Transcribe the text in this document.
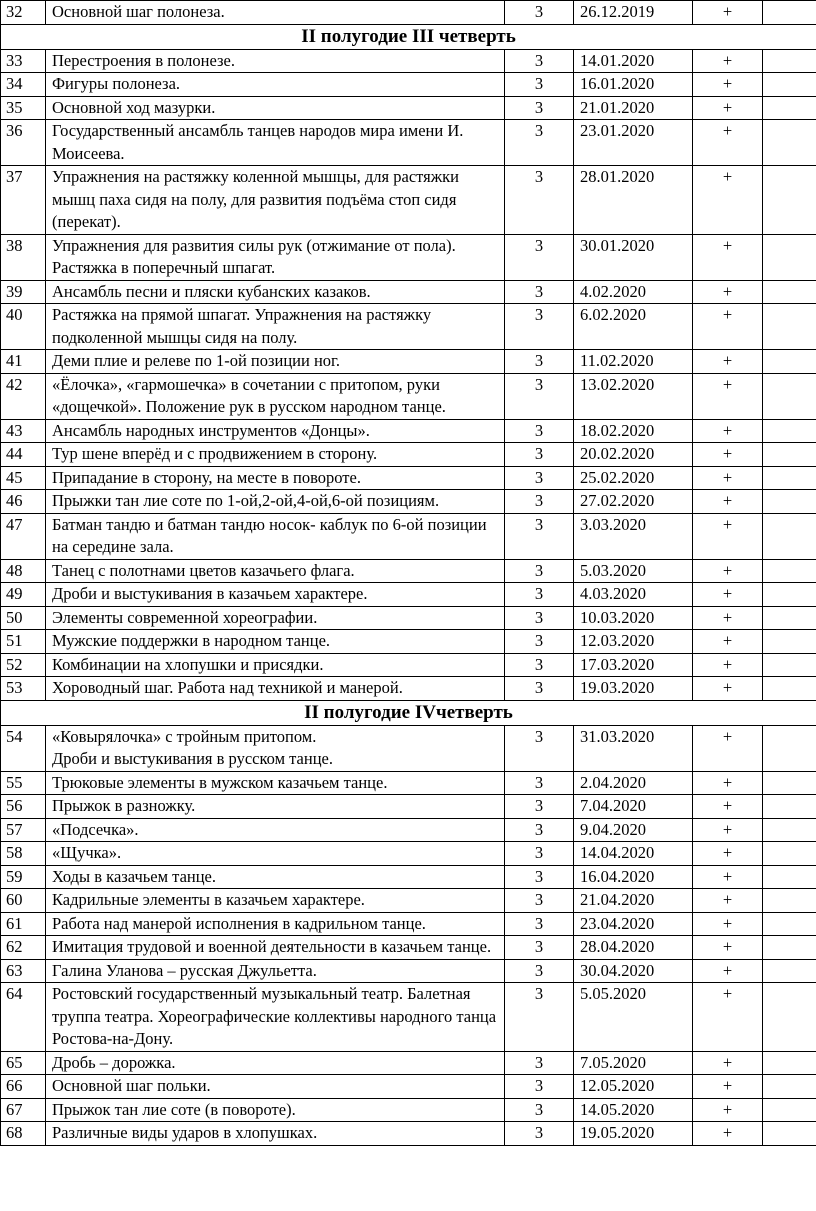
32	Основной шаг полонеза.	3	26.12.2019	+	
II полугодие III четверть					
33	Перестроения в полонезе.	3	14.01.2020	+	
34	Фигуры полонеза.	3	16.01.2020	+	
35	Основной ход мазурки.	3	21.01.2020	+	
36	Государственный ансамбль танцев народов мира имени И. Моисеева.	3	23.01.2020	+	
37	Упражнения на растяжку коленной мышцы, для растяжки мышц паха сидя на полу, для развития подъёма стоп сидя (перекат).	3	28.01.2020	+	
38	Упражнения для развития силы рук (отжимание от пола). Растяжка в поперечный шпагат.	3	30.01.2020	+	
39	Ансамбль песни и пляски кубанских казаков.	3	4.02.2020	+	
40	Растяжка на прямой шпагат. Упражнения на растяжку подколенной мышцы сидя на полу.	3	6.02.2020	+	
41	Деми плие и релеве по 1-ой позиции ног.	3	11.02.2020	+	
42	«Ёлочка», «гармошечка» в сочетании с притопом, руки «дощечкой». Положение рук в русском народном танце.	3	13.02.2020	+	
43	Ансамбль народных инструментов «Донцы».	3	18.02.2020	+	
44	Тур шене вперёд и с продвижением в сторону.	3	20.02.2020	+	
45	Припадание в сторону, на месте в повороте.	3	25.02.2020	+	
46	Прыжки тан лие соте по 1-ой,2-ой,4-ой,6-ой позициям.	3	27.02.2020	+	
47	Батман тандю и батман тандю носок- каблук по 6-ой позиции на середине зала.	3	3.03.2020	+	
48	Танец с полотнами цветов казачьего флага.	3	5.03.2020	+	
49	Дроби и выстукивания в казачьем характере.	3	4.03.2020	+	
50	Элементы современной хореографии.	3	10.03.2020	+	
51	Мужские поддержки в народном танце.	3	12.03.2020	+	
52	Комбинации на хлопушки и присядки.	3	17.03.2020	+	
53	Хороводный шаг. Работа над техникой и манерой.	3	19.03.2020	+	
II полугодие IVчетверть					
54	«Ковырялочка» с тройным притопом.
Дроби и выстукивания в русском танце.	3	31.03.2020	+	
55	Трюковые элементы в мужском казачьем танце.	3	2.04.2020	+	
56	Прыжок в разножку.	3	7.04.2020	+	
57	«Подсечка».	3	9.04.2020	+	
58	«Щучка».	3	14.04.2020	+	
59	Ходы в казачьем танце.	3	16.04.2020	+	
60	Кадрильные элементы в казачьем характере.	3	21.04.2020	+	
61	Работа над манерой исполнения в кадрильном танце.	3	23.04.2020	+	
62	Имитация трудовой и военной деятельности в казачьем танце.	3	28.04.2020	+	
63	Галина Уланова – русская Джульетта.	3	30.04.2020	+	
64	Ростовский государственный музыкальный театр. Балетная труппа театра. Хореографические коллективы народного танца Ростова-на-Дону.	3	5.05.2020	+	
65	Дробь – дорожка.	3	7.05.2020	+	
66	Основной шаг польки.	3	12.05.2020	+	
67	Прыжок тан лие соте (в повороте).	3	14.05.2020	+	
68	Различные виды ударов в хлопушках.	3	19.05.2020	+	
